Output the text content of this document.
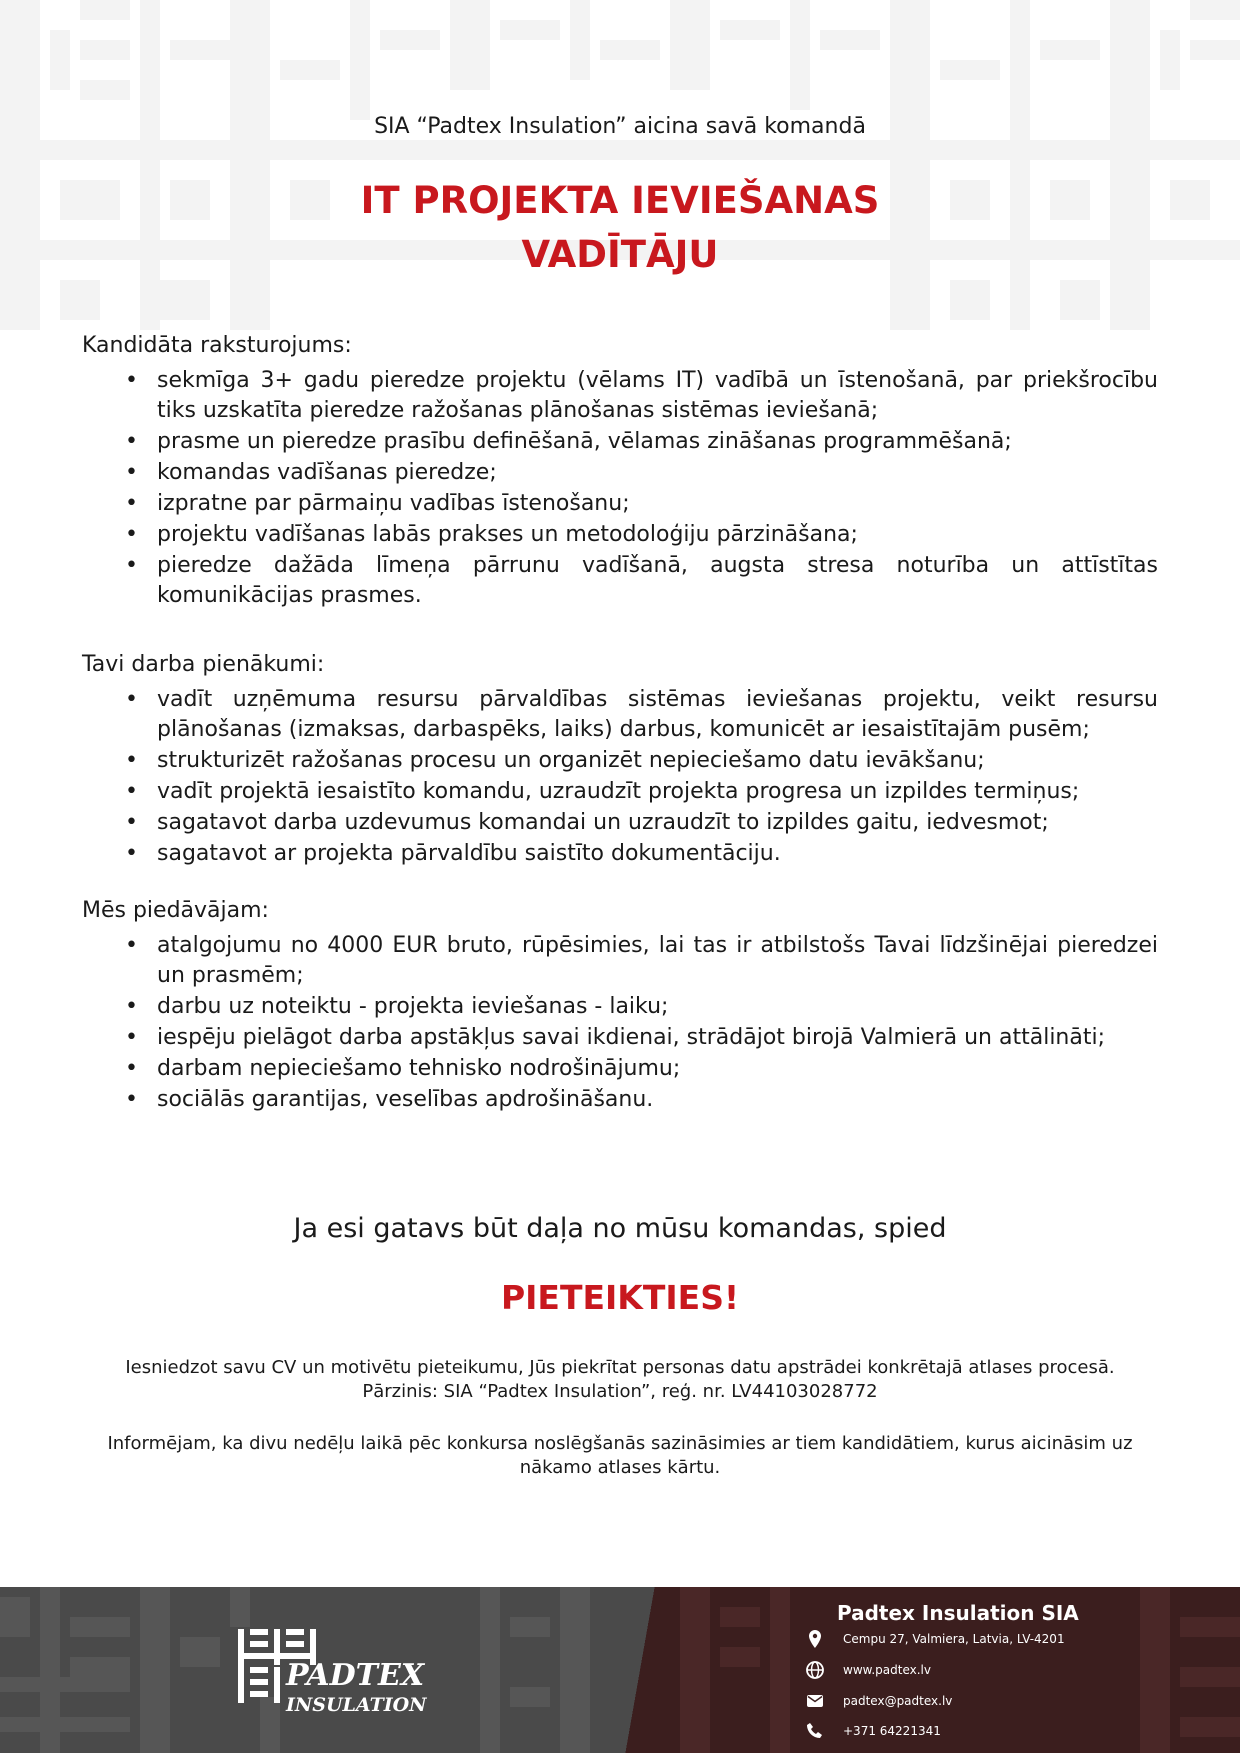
SIA “Padtex Insulation” aicina savā komandā
IT PROJEKTA IEVIEŠANAS
VADĪTĀJU
Kandidāta raksturojums:
• sekmīga 3+ gadu pieredze projektu (vēlams IT) vadībā un īstenošanā, par priekšrocību tiks uzskatīta pieredze ražošanas plānošanas sistēmas ieviešanā;
• prasme un pieredze prasību definēšanā, vēlamas zināšanas programmēšanā;
• komandas vadīšanas pieredze;
• izpratne par pārmaiņu vadības īstenošanu;
• projektu vadīšanas labās prakses un metodoloģiju pārzināšana;
• pieredze dažāda līmeņa pārrunu vadīšanā, augsta stresa noturība un attīstītas komunikācijas prasmes.
Tavi darba pienākumi:
• vadīt uzņēmuma resursu pārvaldības sistēmas ieviešanas projektu, veikt resursu plānošanas (izmaksas, darbaspēks, laiks) darbus, komunicēt ar iesaistītajām pusēm;
• strukturizēt ražošanas procesu un organizēt nepieciešamo datu ievākšanu;
• vadīt projektā iesaistīto komandu, uzraudzīt projekta progresa un izpildes termiņus;
• sagatavot darba uzdevumus komandai un uzraudzīt to izpildes gaitu, iedvesmot;
• sagatavot ar projekta pārvaldību saistīto dokumentāciju.
Mēs piedāvājam:
• atalgojumu no 4000 EUR bruto, rūpēsimies, lai tas ir atbilstošs Tavai līdzšinējai pieredzei un prasmēm;
• darbu uz noteiktu - projekta ieviešanas - laiku;
• iespēju pielāgot darba apstākļus savai ikdienai, strādājot birojā Valmierā un attālināti;
• darbam nepieciešamo tehnisko nodrošinājumu;
• sociālās garantijas, veselības apdrošināšanu.
Ja esi gatavs būt daļa no mūsu komandas, spied
PIETEIKTIES!
Iesniedzot savu CV un motivētu pieteikumu, Jūs piekrītat personas datu apstrādei konkrētajā atlases procesā.
Pārzinis: SIA “Padtex Insulation”, reģ. nr. LV44103028772
Informējam, ka divu nedēļu laikā pēc konkursa noslēgšanās sazināsimies ar tiem kandidātiem, kurus aicināsim uz nākamo atlases kārtu.
PADTEX
INSULATION
Padtex Insulation SIA
Cempu 27, Valmiera, Latvia, LV-4201
www.padtex.lv
padtex@padtex.lv
+371 64221341
